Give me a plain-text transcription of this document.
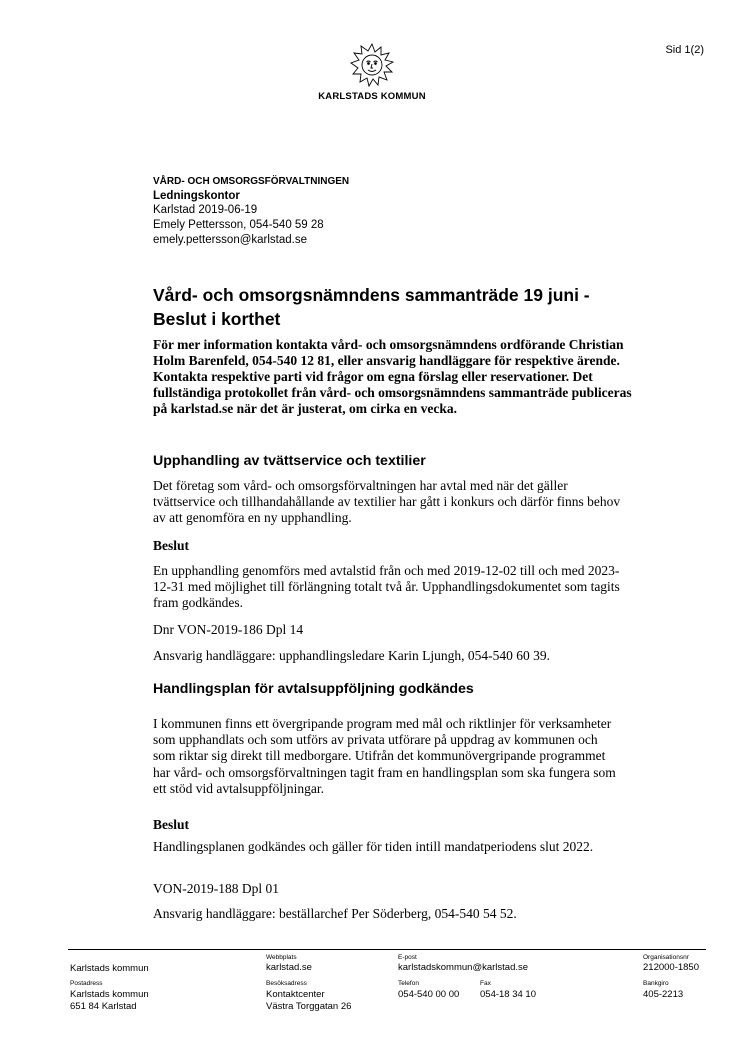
Sid 1(2)
KARLSTADS KOMMUN
VÅRD- OCH OMSORGSFÖRVALTNINGEN
Ledningskontor
Karlstad 2019-06-19
Emely Pettersson, 054-540 59 28
emely.pettersson@karlstad.se
Vård- och omsorgsnämndens sammanträde 19 juni - Beslut i korthet
För mer information kontakta vård- och omsorgsnämndens ordförande Christian Holm Barenfeld, 054-540 12 81, eller ansvarig handläggare för respektive ärende. Kontakta respektive parti vid frågor om egna förslag eller reservationer. Det fullständiga protokollet från vård- och omsorgsnämndens sammanträde publiceras på karlstad.se när det är justerat, om cirka en vecka.
Upphandling av tvättservice och textilier
Det företag som vård- och omsorgsförvaltningen har avtal med när det gäller tvättservice och tillhandahållande av textilier har gått i konkurs och därför finns behov av att genomföra en ny upphandling.
Beslut
En upphandling genomförs med avtalstid från och med 2019-12-02 till och med 2023-12-31 med möjlighet till förlängning totalt två år. Upphandlingsdokumentet som tagits fram godkändes.
Dnr VON-2019-186 Dpl 14
Ansvarig handläggare: upphandlingsledare Karin Ljungh, 054-540 60 39.
Handlingsplan för avtalsuppföljning godkändes
I kommunen finns ett övergripande program med mål och riktlinjer för verksamheter som upphandlats och som utförs av privata utförare på uppdrag av kommunen och som riktar sig direkt till medborgare. Utifrån det kommunövergripande programmet har vård- och omsorgsförvaltningen tagit fram en handlingsplan som ska fungera som ett stöd vid avtalsuppföljningar.
Beslut
Handlingsplanen godkändes och gäller för tiden intill mandatperiodens slut 2022.
VON-2019-188 Dpl 01
Ansvarig handläggare: beställarchef Per Söderberg, 054-540 54 52.
Karlstads kommun
Webbplats
karlstad.se
E-post
karlstadskommun@karlstad.se
Organisationsnr
212000-1850
Postadress
Karlstads kommun
651 84 Karlstad
Besöksadress
Kontaktcenter
Västra Torggatan 26
Telefon
054-540 00 00
Fax
054-18 34 10
Bankgiro
405-2213
